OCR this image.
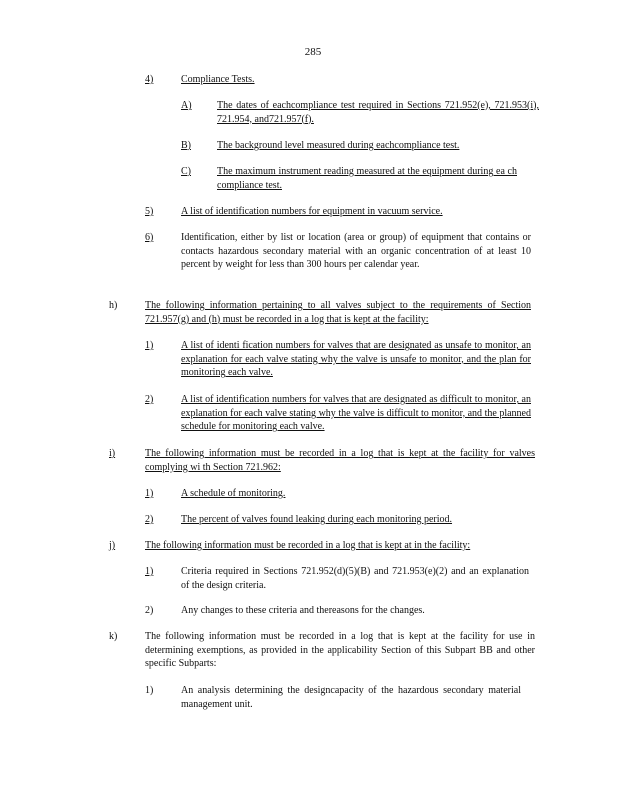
285
4)	Compliance Tests.
A)	The dates of eachcompliance test required in Sections 721.952(e), 721.953(i), 721.954, and721.957(f).
B)	The background level measured during eachcompliance test.
C)	The maximum instrument reading measured at the equipment during ea ch compliance test.
5)	A list of identification numbers for equipment in vacuum service.
6)	Identification, either by list or location (area or group) of equipment that contains or contacts hazardous secondary material with an organic concentration of at least 10 percent by weight for less than 300 hours per calendar year.
h)	The following information pertaining to all valves subject to the requirements of Section 721.957(g) and (h) must be recorded in a log that is kept at the facility:
1)	A list of identi fication numbers for valves that are designated as unsafe to monitor, an explanation for each valve stating why the valve is unsafe to monitor, and the plan for monitoring each valve.
2)	A list of identification numbers for valves that are designated as difficult to monitor, an explanation for each valve stating why the valve is difficult to monitor, and the planned schedule for monitoring each valve.
i)	The following information must be recorded in a log that is kept at the facility for valves complying wi th Section 721.962:
1)	A schedule of monitoring.
2)	The percent of valves found leaking during each monitoring period.
j)	The following information must be recorded in a log that is kept at in the facility:
1)	Criteria required in Sections 721.952(d)(5)(B) and 721.953(e)(2) and an explanation of the design criteria.
2)	Any changes to these criteria and thereasons for the changes.
k)	The following information must be recorded in a log that is kept at the facility for use in determining exemptions, as provided in the applicability Section of this Subpart BB and other specific Subparts:
1)	An analysis determining the designcapacity of the hazardous secondary material management unit.
